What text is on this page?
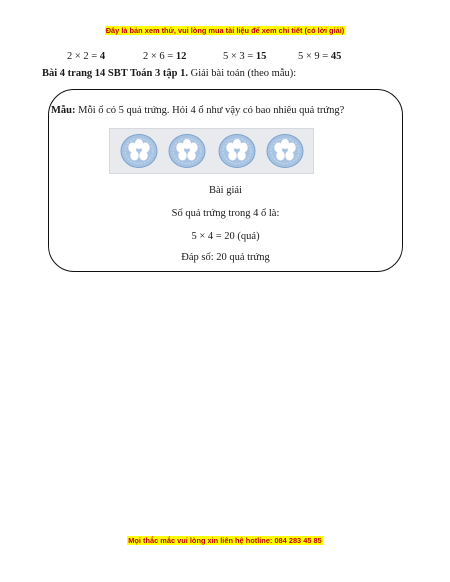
Đây là bản xem thử, vui lòng mua tài liệu để xem chi tiết (có lời giải)
2 × 2 = 4	2 × 6 = 12	5 × 3 = 15	5 × 9 = 45
Bài 4 trang 14 SBT Toán 3 tập 1. Giải bài toán (theo mẫu):
Mẫu: Mỗi ổ có 5 quả trứng. Hỏi 4 ổ như vậy có bao nhiêu quả trứng?
Bài giải
Số quả trứng trong 4 ổ là:
5 × 4 = 20 (quả)
Đáp số: 20 quả trứng
Mọi thắc mắc vui lòng xin liên hệ hotline: 084 283 45 85
